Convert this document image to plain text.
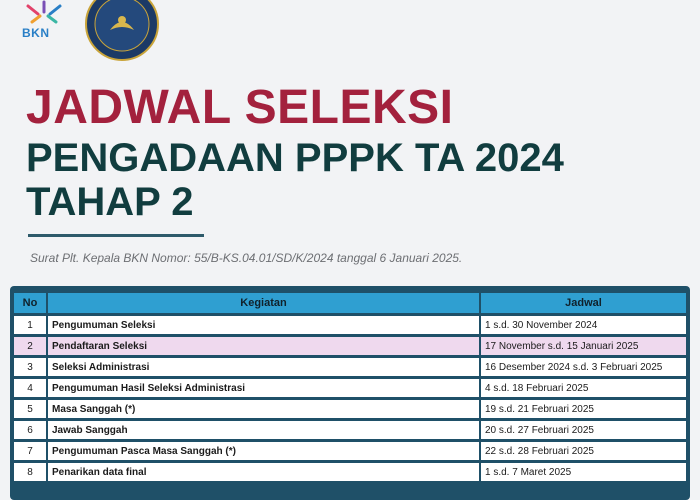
BKN
JADWAL SELEKSI
PENGADAAN PPPK TA 2024
TAHAP 2
Surat Plt. Kepala BKN Nomor: 55/B-KS.04.01/SD/K/2024 tanggal 6 Januari 2025.
No	Kegiatan	Jadwal
1	Pengumuman Seleksi	1 s.d. 30 November 2024
2	Pendaftaran Seleksi	17 November s.d. 15 Januari 2025
3	Seleksi Administrasi	16 Desember 2024 s.d. 3 Februari 2025
4	Pengumuman Hasil Seleksi Administrasi	4 s.d. 18 Februari 2025
5	Masa Sanggah (*)	19 s.d. 21 Februari 2025
6	Jawab Sanggah	20 s.d. 27 Februari 2025
7	Pengumuman Pasca Masa Sanggah (*)	22 s.d. 28 Februari 2025
8	Penarikan data final	1 s.d. 7 Maret 2025
